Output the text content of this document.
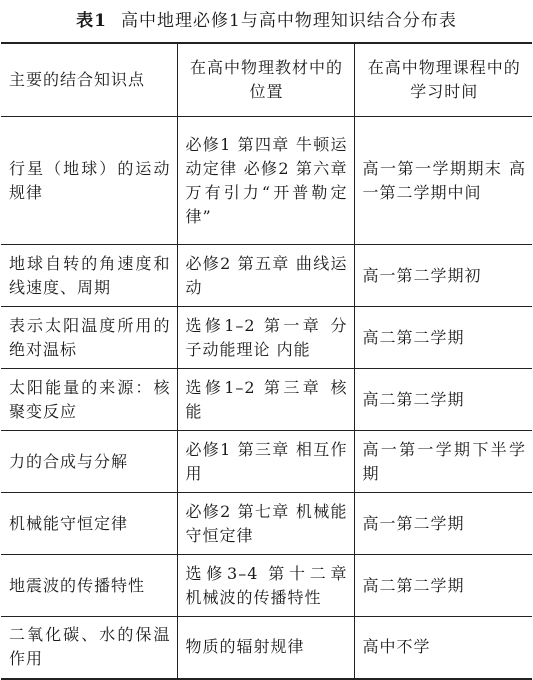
表1 高中地理必修1与高中物理知识结合分布表
主要的结合知识点	在高中物理教材中的位置	在高中物理课程中的学习时间

行星（地球）的运动规律	必修1 第四章 牛顿运动定律 必修2 第六章 万有引力“开普勒定律”	高一第一学期期末 高一第二学期中间

地球自转的角速度和线速度、周期	必修2 第五章 曲线运动	高一第二学期初

表示太阳温度所用的绝对温标	选修1–2 第一章 分子动能理论 内能	高二第二学期

太阳能量的来源：核聚变反应	选修1–2 第三章 核能	高二第二学期

力的合成与分解	必修1 第三章 相互作用	高一第一学期下半学期

机械能守恒定律	必修2 第七章 机械能守恒定律	高一第二学期

地震波的传播特性	选修3–4 第十二章 机械波的传播特性	高二第二学期

二氧化碳、水的保温作用	物质的辐射规律	高中不学
